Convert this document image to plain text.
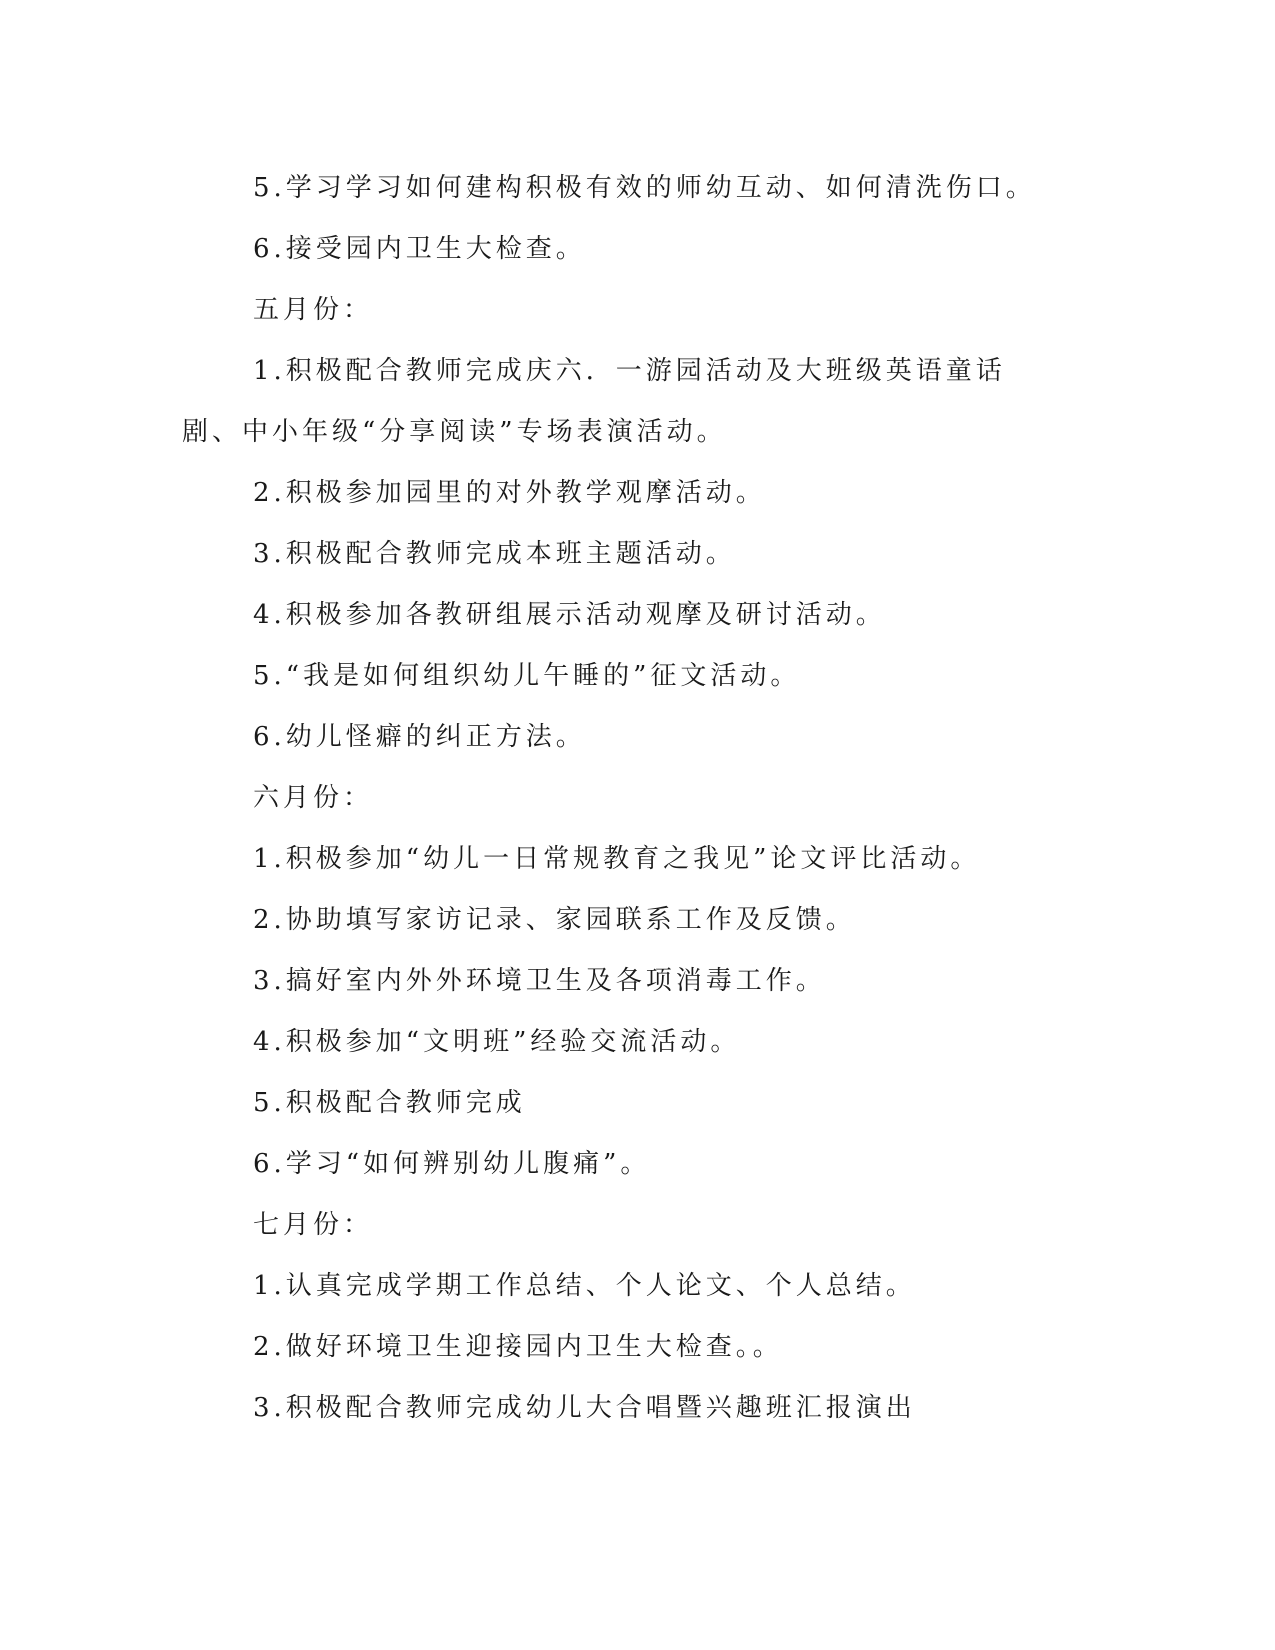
5.学习学习如何建构积极有效的师幼互动、如何清洗伤口。

6.接受园内卫生大检查。

五月份：

1.积极配合教师完成庆六．一游园活动及大班级英语童话剧、中小年级“分享阅读”专场表演活动。

2.积极参加园里的对外教学观摩活动。

3.积极配合教师完成本班主题活动。

4.积极参加各教研组展示活动观摩及研讨活动。

5.“我是如何组织幼儿午睡的”征文活动。

6.幼儿怪癖的纠正方法。

六月份：

1.积极参加“幼儿一日常规教育之我见”论文评比活动。

2.协助填写家访记录、家园联系工作及反馈。

3.搞好室内外外环境卫生及各项消毒工作。

4.积极参加“文明班”经验交流活动。

5.积极配合教师完成

6.学习“如何辨别幼儿腹痛”。

七月份：

1.认真完成学期工作总结、个人论文、个人总结。

2.做好环境卫生迎接园内卫生大检查。。

3.积极配合教师完成幼儿大合唱暨兴趣班汇报演出
